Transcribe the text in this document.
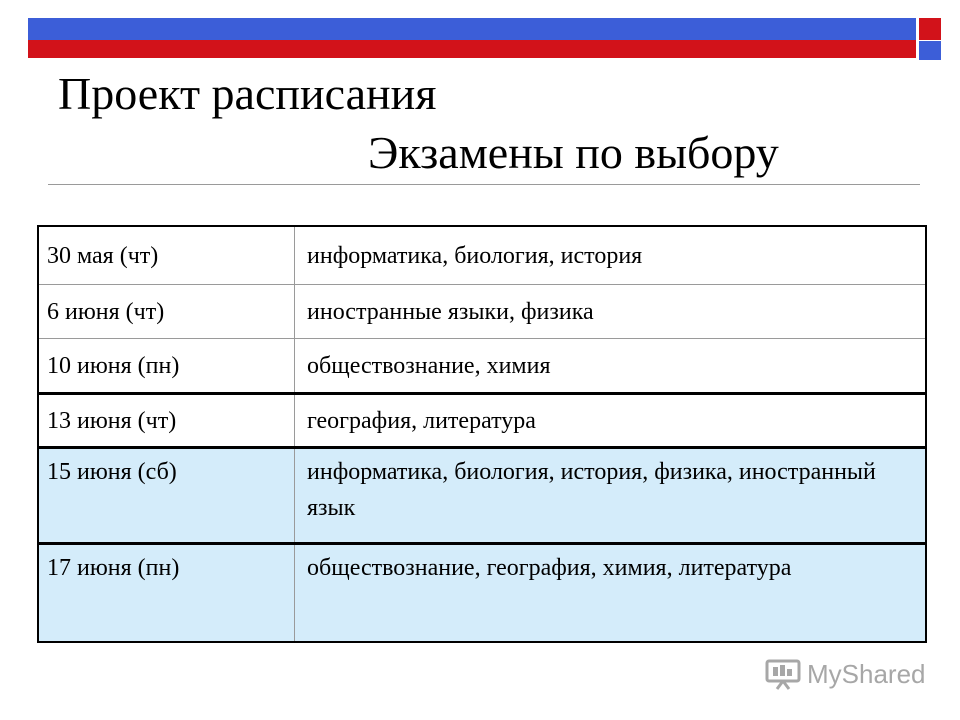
Проект расписания
Экзамены по выбору
30 мая (чт)	информатика, биология, история
6 июня (чт)	иностранные языки, физика
10 июня (пн)	обществознание, химия
13 июня (чт)	география, литература
15 июня (сб)	информатика, биология, история, физика, иностранный язык
17 июня (пн)	обществознание, география, химия, литература
MyShared
